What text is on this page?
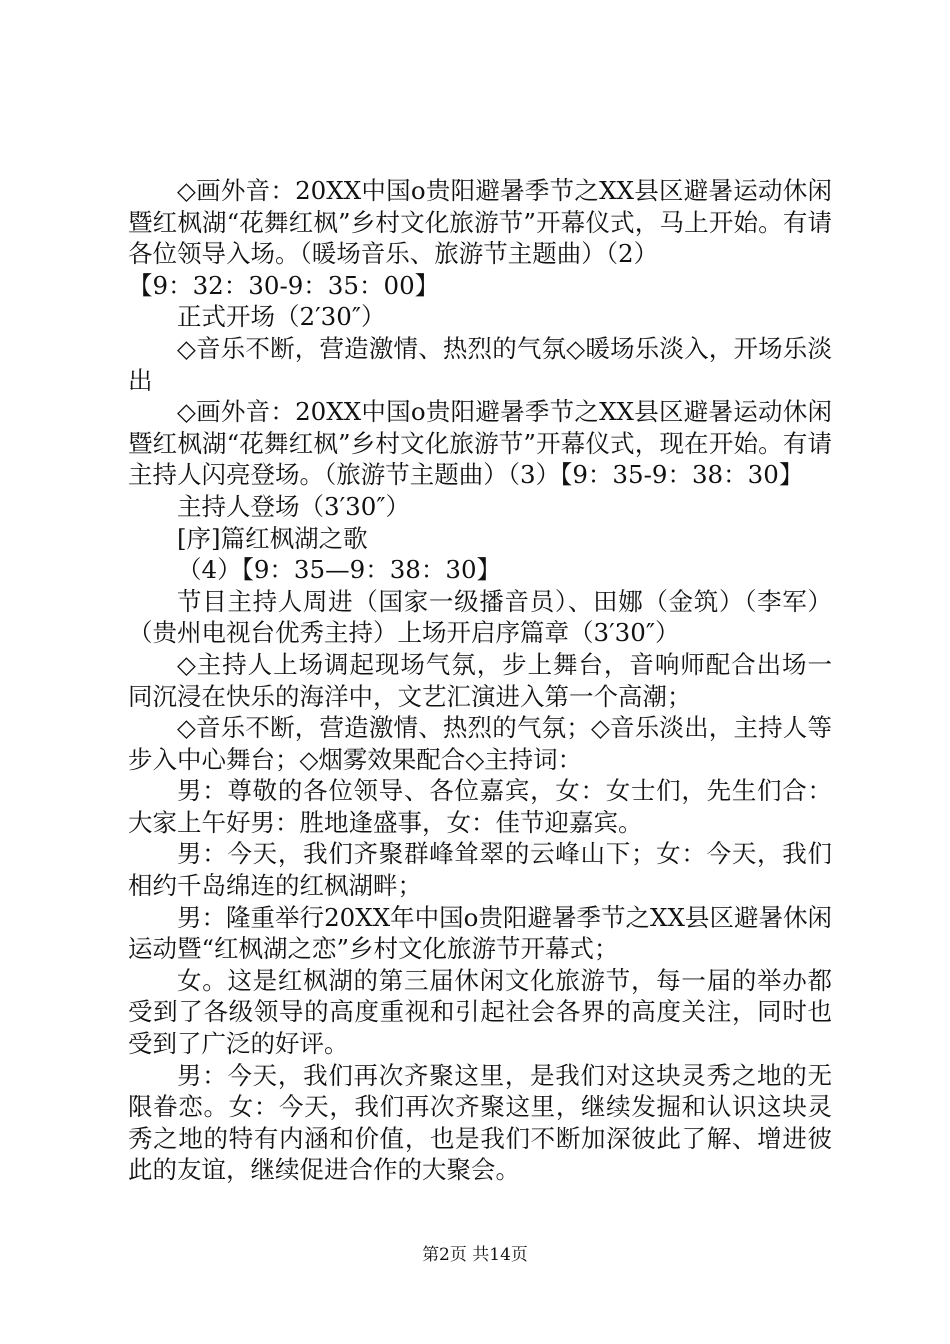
◇画外音：20XX中国o贵阳避暑季节之XX县区避暑运动休闲暨红枫湖“花舞红枫”乡村文化旅游节”开幕仪式，马上开始。有请各位领导入场。（暖场音乐、旅游节主题曲）（2）

【9：32：30-9：35：00】

正式开场（2′30″）

◇音乐不断，营造激情、热烈的气氛◇暖场乐淡入，开场乐淡出

◇画外音：20XX中国o贵阳避暑季节之XX县区避暑运动休闲暨红枫湖“花舞红枫”乡村文化旅游节”开幕仪式，现在开始。有请主持人闪亮登场。（旅游节主题曲）（3）【9：35-9：38：30】

主持人登场（3′30″）

[序]篇红枫湖之歌

（4）【9：35—9：38：30】

节目主持人周进（国家一级播音员）、田娜（金筑）（李军）（贵州电视台优秀主持）上场开启序篇章（3′30″）

◇主持人上场调起现场气氛，步上舞台，音响师配合出场一同沉浸在快乐的海洋中，文艺汇演进入第一个高潮；

◇音乐不断，营造激情、热烈的气氛；◇音乐淡出，主持人等步入中心舞台；◇烟雾效果配合◇主持词：

男：尊敬的各位领导、各位嘉宾，女：女士们，先生们合：大家上午好男：胜地逢盛事，女：佳节迎嘉宾。

男：今天，我们齐聚群峰耸翠的云峰山下；女：今天，我们相约千岛绵连的红枫湖畔；

男：隆重举行20XX年中国o贵阳避暑季节之XX县区避暑休闲运动暨“红枫湖之恋”乡村文化旅游节开幕式；

女。这是红枫湖的第三届休闲文化旅游节，每一届的举办都受到了各级领导的高度重视和引起社会各界的高度关注，同时也受到了广泛的好评。

男：今天，我们再次齐聚这里，是我们对这块灵秀之地的无限眷恋。女：今天，我们再次齐聚这里，继续发掘和认识这块灵秀之地的特有内涵和价值，也是我们不断加深彼此了解、增进彼此的友谊，继续促进合作的大聚会。

第2页 共14页
